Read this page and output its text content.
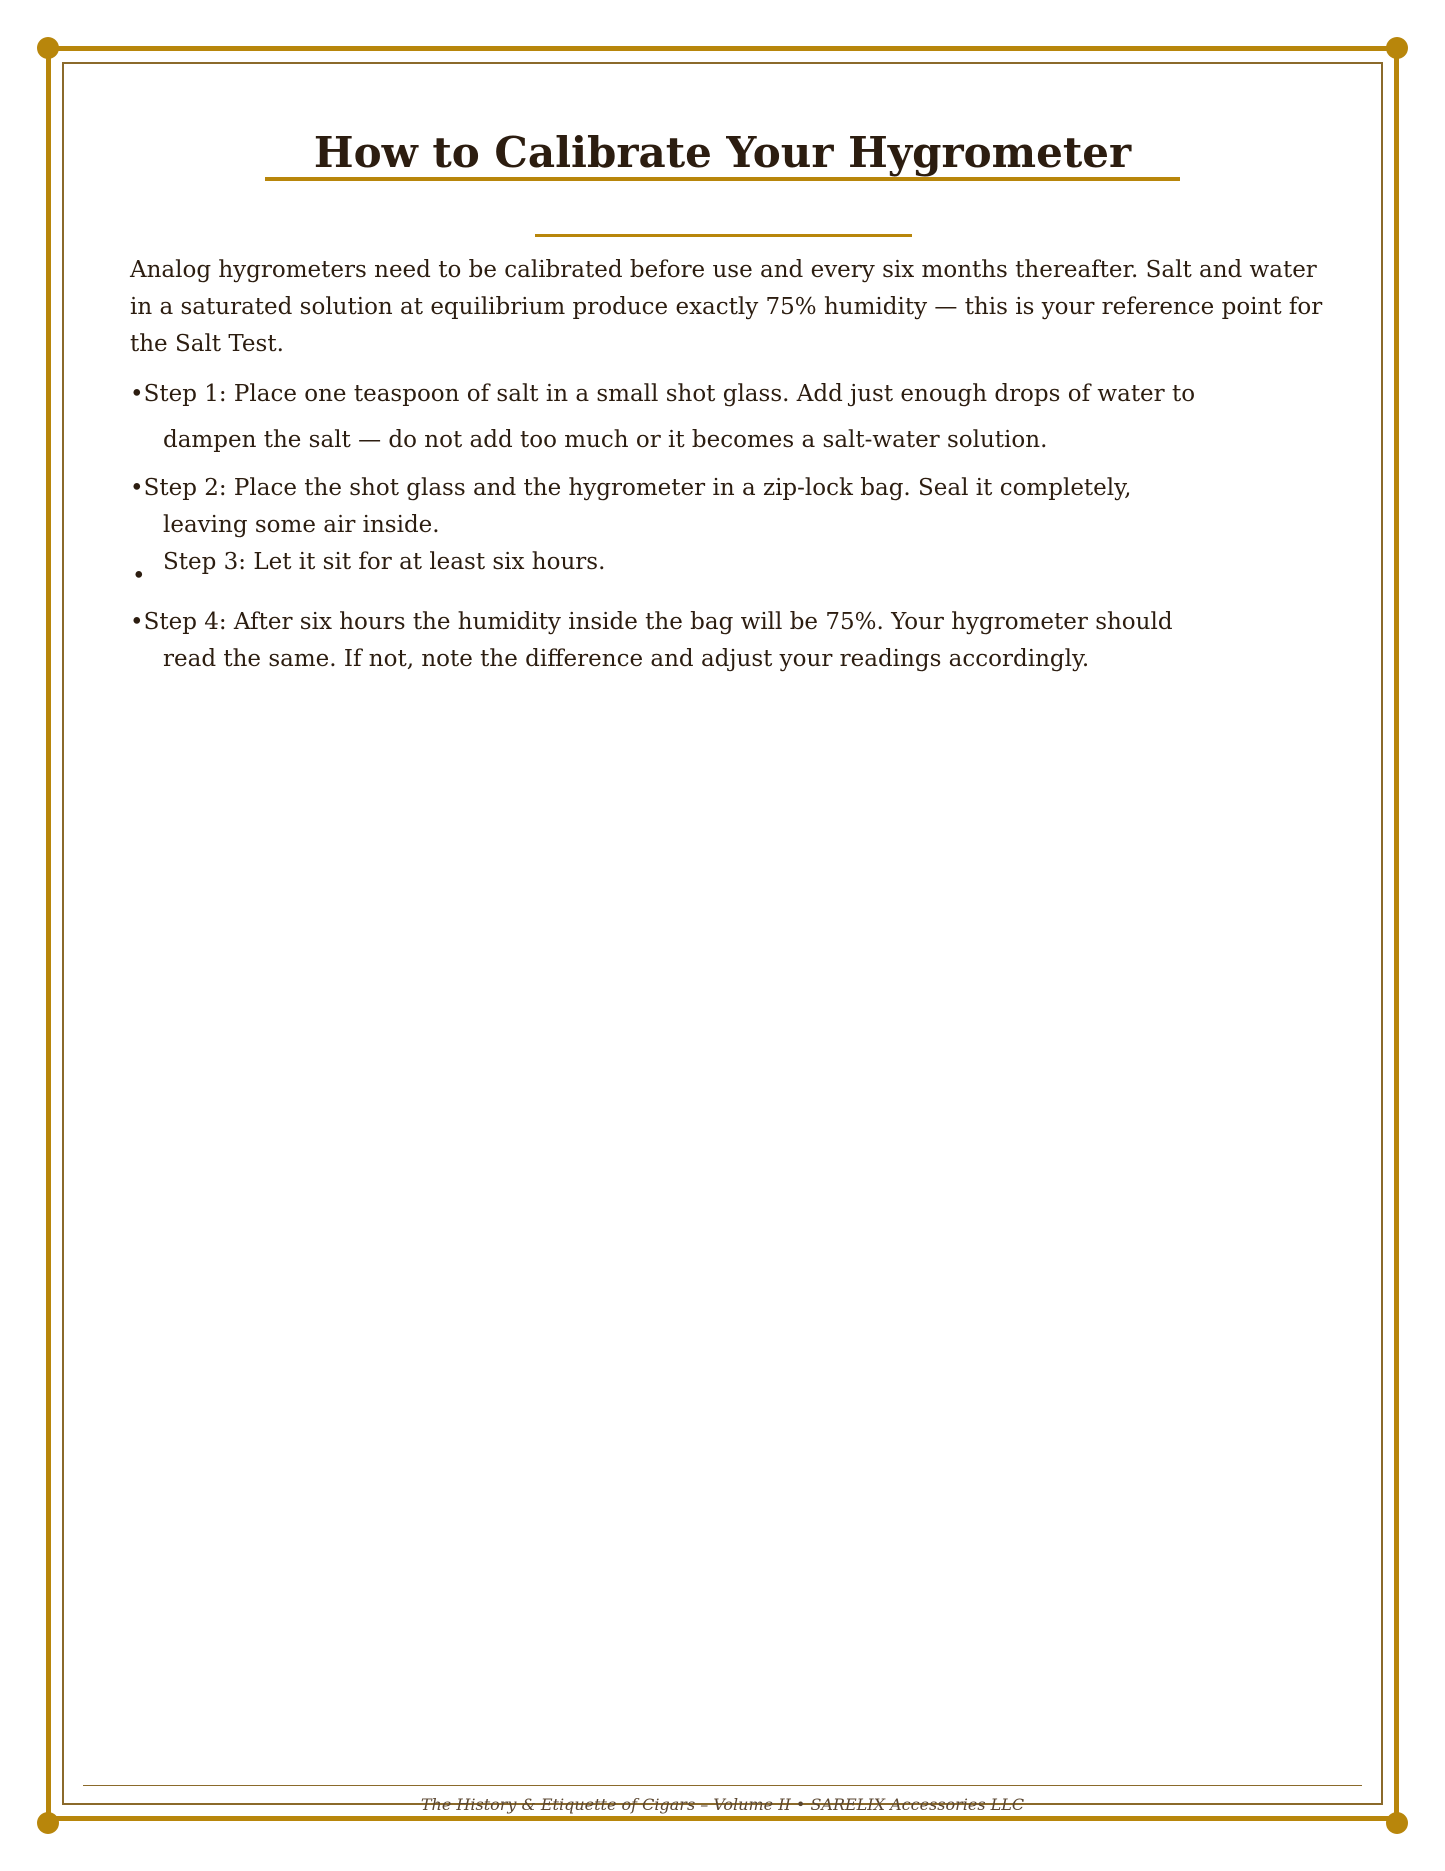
How to Calibrate Your Hygrometer

Analog hygrometers need to be calibrated before use and every six months thereafter. Salt and water in a saturated solution at equilibrium produce exactly 75% humidity — this is your reference point for the Salt Test.

•Step 1: Place one teaspoon of salt in a small shot glass. Add just enough drops of water to
dampen the salt — do not add too much or it becomes a salt-water solution.
•Step 2: Place the shot glass and the hygrometer in a zip-lock bag. Seal it completely,
leaving some air inside.
•
Step 3: Let it sit for at least six hours.
•Step 4: After six hours the humidity inside the bag will be 75%. Your hygrometer should
read the same. If not, note the difference and adjust your readings accordingly.
The History & Etiquette of Cigars – Volume II • SARELIX Accessories LLC
